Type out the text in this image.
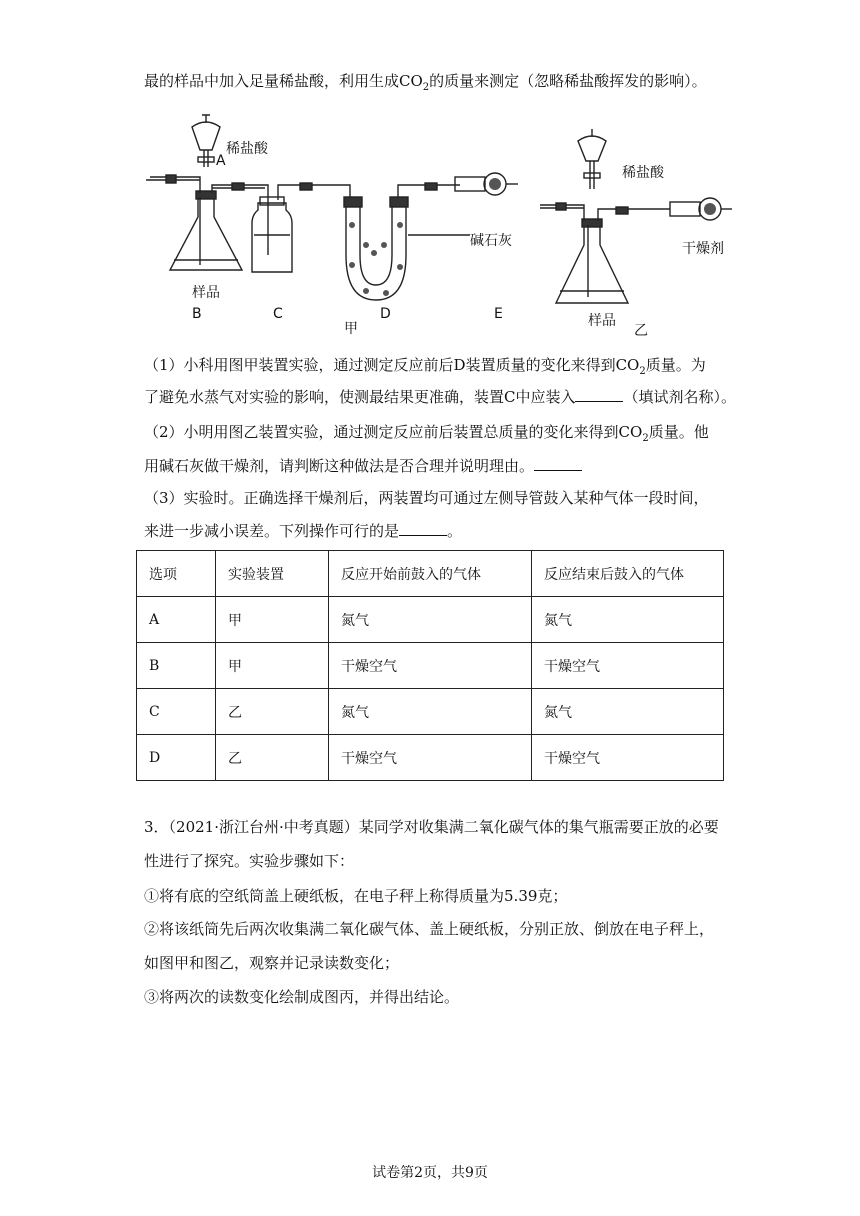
最的样品中加入足量稀盐酸，利用生成$CO_2$的质量来测定（忽略稀盐酸挥发的影响）。
稀盐酸
A
碱石灰
样品
B	C
甲
D	E
稀盐酸
干燥剂
样品
乙
（1）小科用图甲装置实验，通过测定反应前后D装置质量的变化来得到$CO_2$质量。为
了避免水蒸气对实验的影响，使测最结果更准确，装置C中应装入	（填试剂名称）。
（2）小明用图乙装置实验，通过测定反应前后装置总质量的变化来得到$CO_2$质量。他
用碱石灰做干燥剂，请判断这种做法是否合理并说明理由。
（3）实验时。正确选择干燥剂后，两装置均可通过左侧导管鼓入某种气体一段时间，
来进一步减小误差。下列操作可行的是	。
选项	实验装置	反应开始前鼓入的气体	反应结束后鼓入的气体
A	甲	氮气	氮气
B	甲	干燥空气	干燥空气
C	乙	氮气	氮气
D	乙	干燥空气	干燥空气
3．（2021·浙江台州·中考真题）某同学对收集满二氧化碳气体的集气瓶需要正放的必要
性进行了探究。实验步骤如下：
①将有底的空纸筒盖上硬纸板，在电子秤上称得质量为5.39克；
②将该纸筒先后两次收集满二氧化碳气体、盖上硬纸板，分别正放、倒放在电子秤上，
如图甲和图乙，观察并记录读数变化；
③将两次的读数变化绘制成图丙，并得出结论。
试卷第2页，共9页
